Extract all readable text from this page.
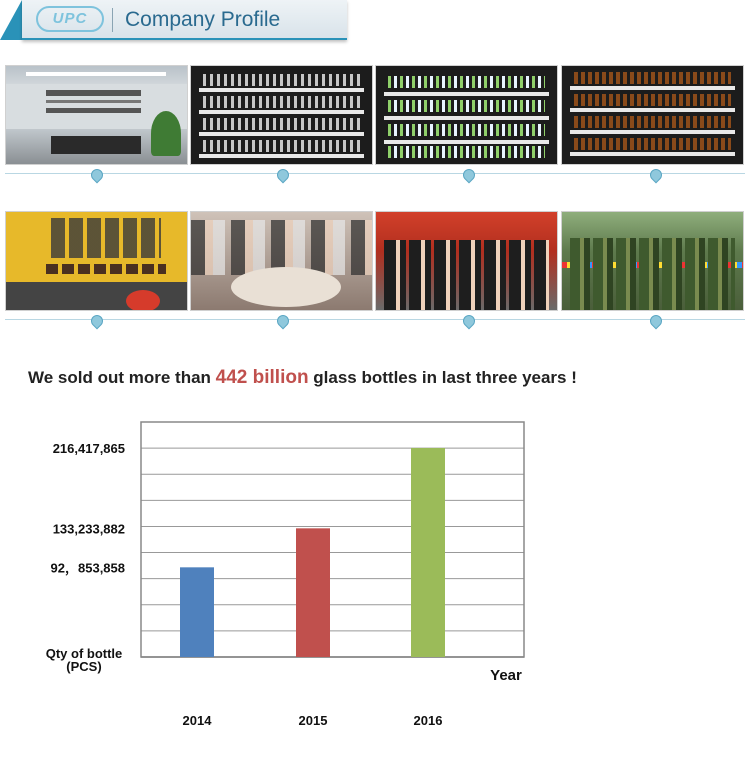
UPC	Company Profile
We sold out more than 442 billion glass bottles in last three years !
2014	2015	2016
216,417,865
133,233,882
92，853,858
Qty of bottle
(PCS)
Year
